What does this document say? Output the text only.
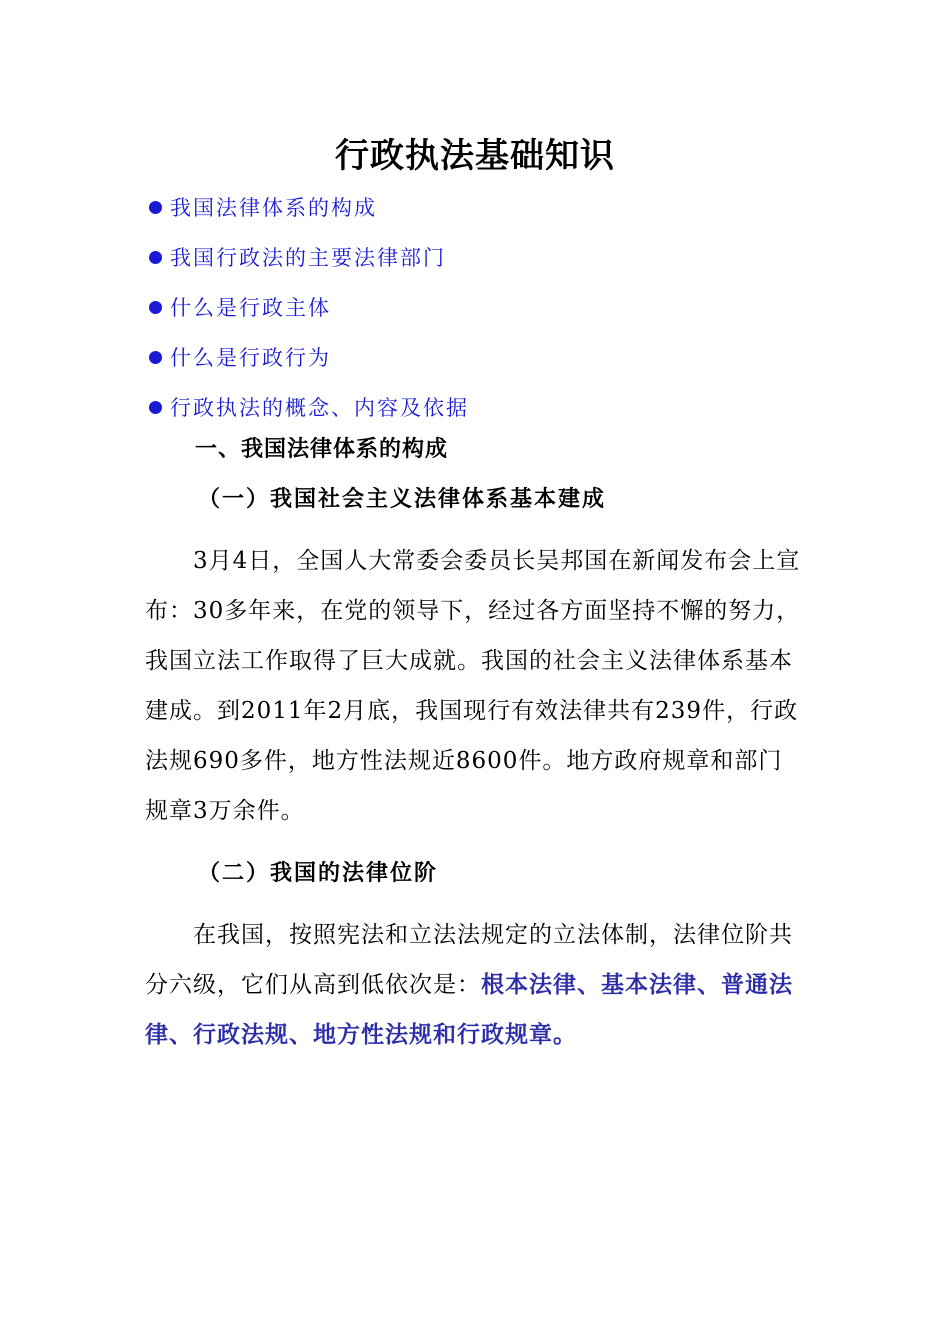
行政执法基础知识
我国法律体系的构成
我国行政法的主要法律部门
什么是行政主体
什么是行政行为
行政执法的概念、内容及依据
一、我国法律体系的构成
（一）我国社会主义法律体系基本建成

3月4日，全国人大常委会委员长吴邦国在新闻发布会上宣布：30多年来，在党的领导下，经过各方面坚持不懈的努力，我国立法工作取得了巨大成就。我国的社会主义法律体系基本建成。到2011年2月底，我国现行有效法律共有239件，行政法规690多件，地方性法规近8600件。地方政府规章和部门规章3万余件。

（二）我国的法律位阶

在我国，按照宪法和立法法规定的立法体制，法律位阶共分六级，它们从高到低依次是：根本法律、基本法律、普通法律、行政法规、地方性法规和行政规章。
